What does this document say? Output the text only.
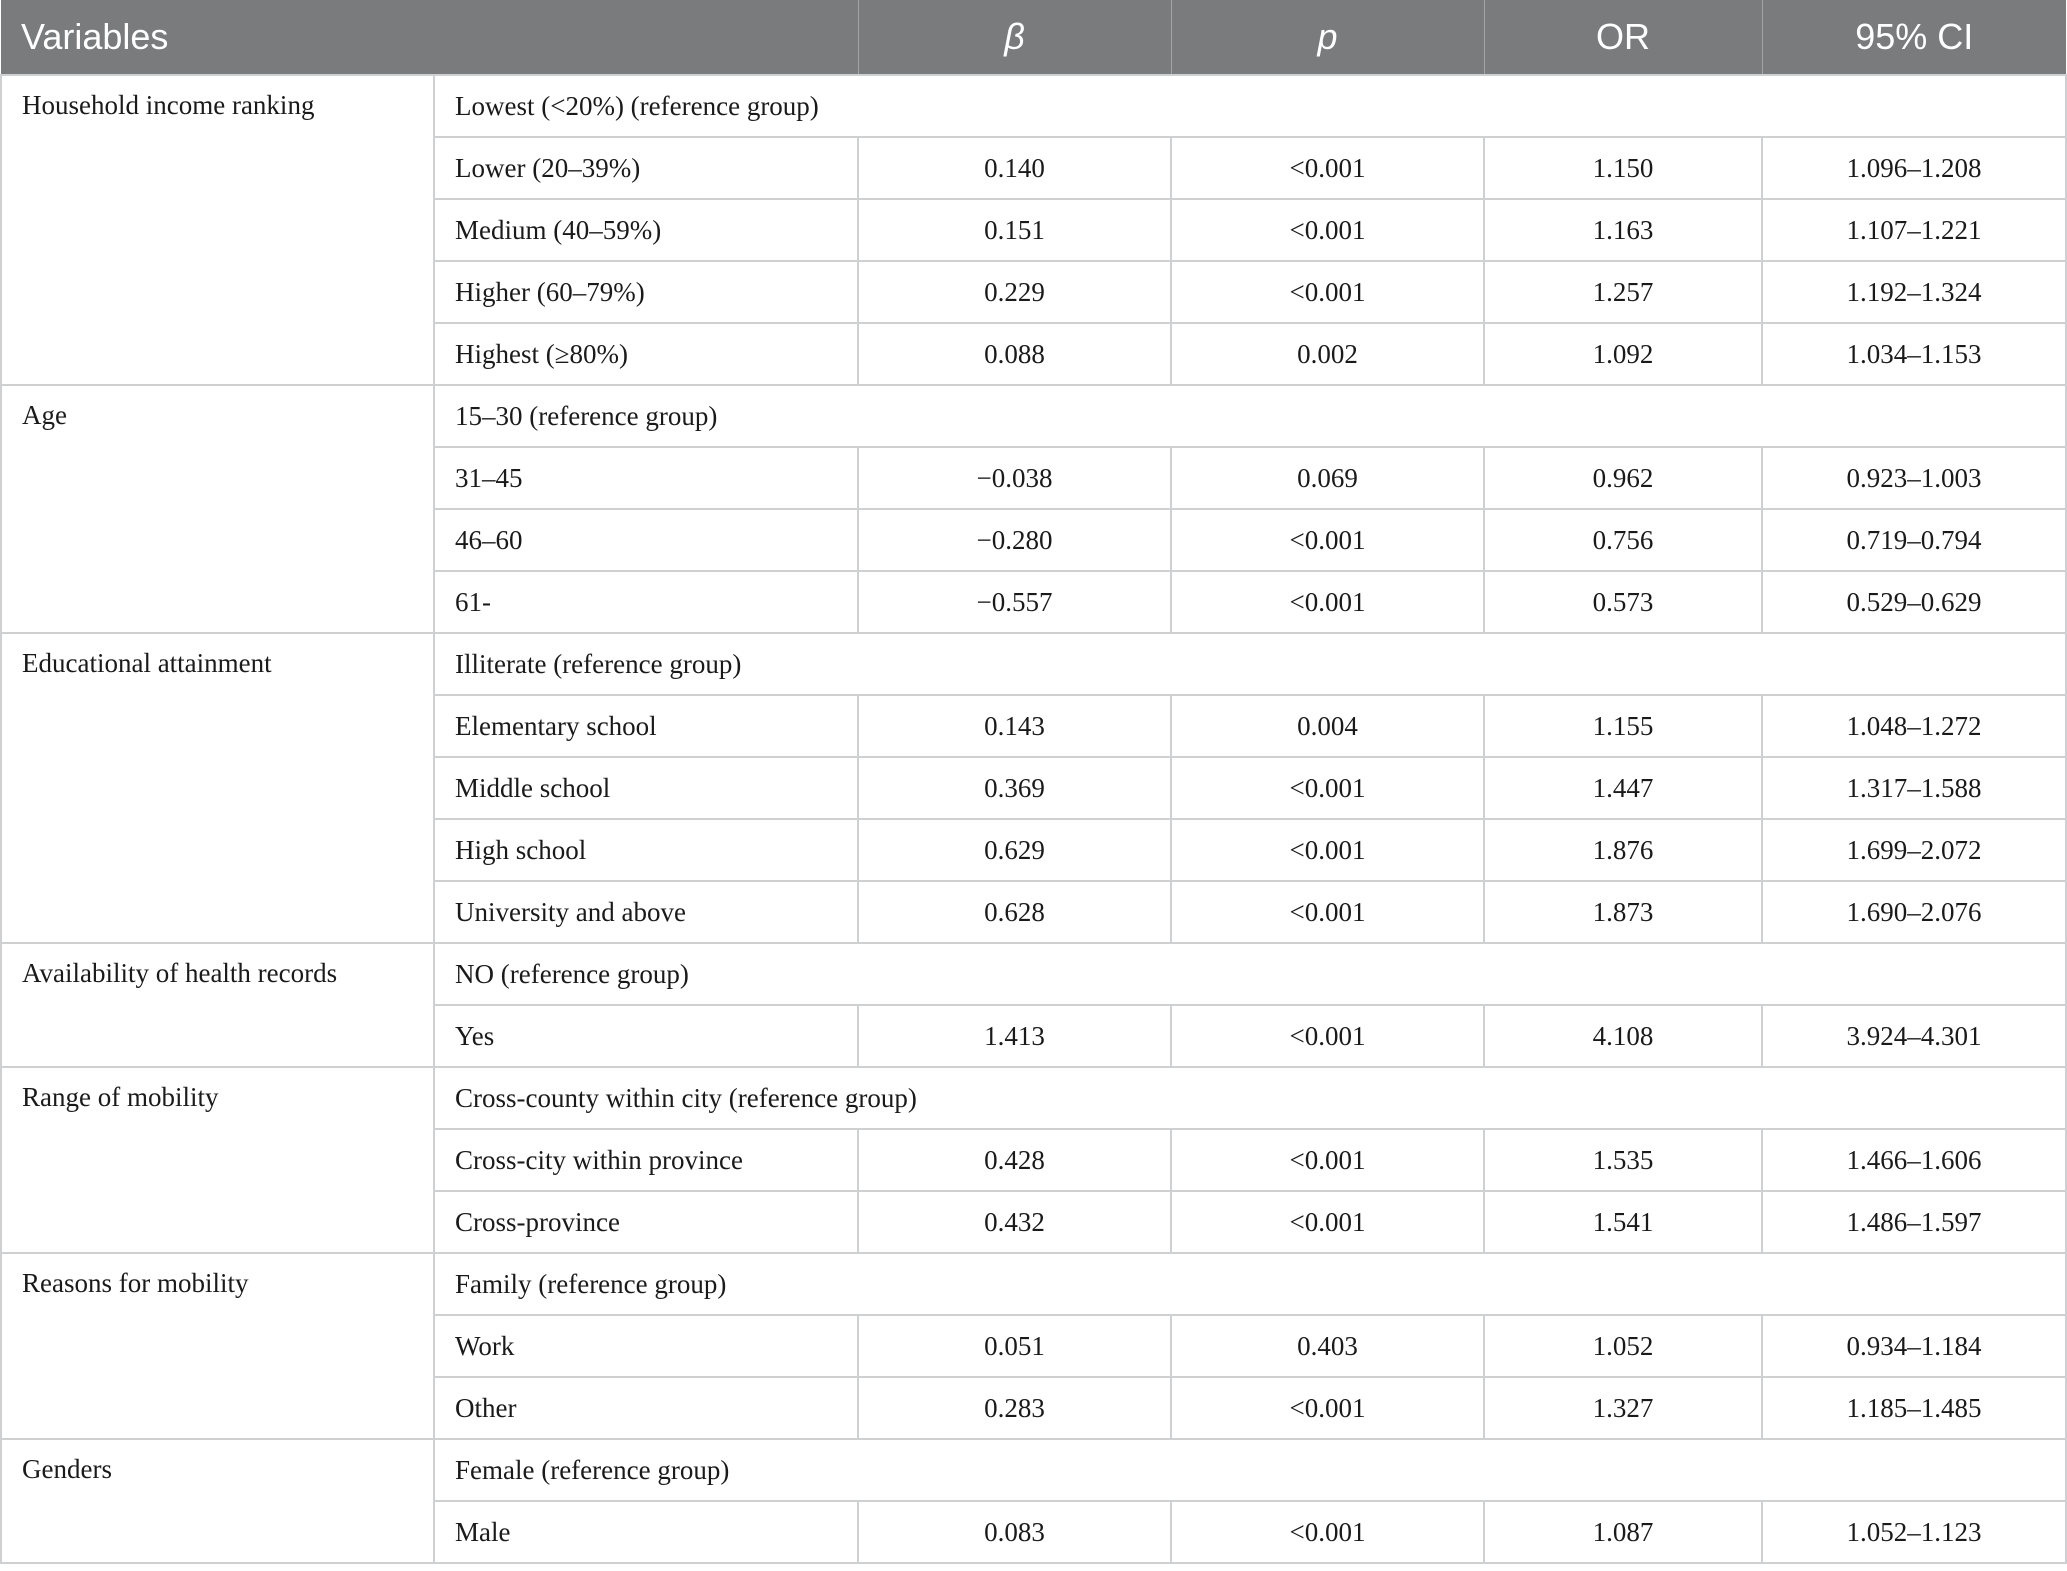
Variables		β	p	OR	95% CI
Household income ranking	Lowest (<20%) (reference group)				
	Lower (20–39%)	0.140	<0.001	1.150	1.096–1.208
	Medium (40–59%)	0.151	<0.001	1.163	1.107–1.221
	Higher (60–79%)	0.229	<0.001	1.257	1.192–1.324
	Highest (≥80%)	0.088	0.002	1.092	1.034–1.153
Age	15–30 (reference group)				
	31–45	−0.038	0.069	0.962	0.923–1.003
	46–60	−0.280	<0.001	0.756	0.719–0.794
	61-	−0.557	<0.001	0.573	0.529–0.629
Educational attainment	Illiterate (reference group)				
	Elementary school	0.143	0.004	1.155	1.048–1.272
	Middle school	0.369	<0.001	1.447	1.317–1.588
	High school	0.629	<0.001	1.876	1.699–2.072
	University and above	0.628	<0.001	1.873	1.690–2.076
Availability of health records	NO (reference group)				
	Yes	1.413	<0.001	4.108	3.924–4.301
Range of mobility	Cross-county within city (reference group)				
	Cross-city within province	0.428	<0.001	1.535	1.466–1.606
	Cross-province	0.432	<0.001	1.541	1.486–1.597
Reasons for mobility	Family (reference group)				
	Work	0.051	0.403	1.052	0.934–1.184
	Other	0.283	<0.001	1.327	1.185–1.485
Genders	Female (reference group)				
	Male	0.083	<0.001	1.087	1.052–1.123
